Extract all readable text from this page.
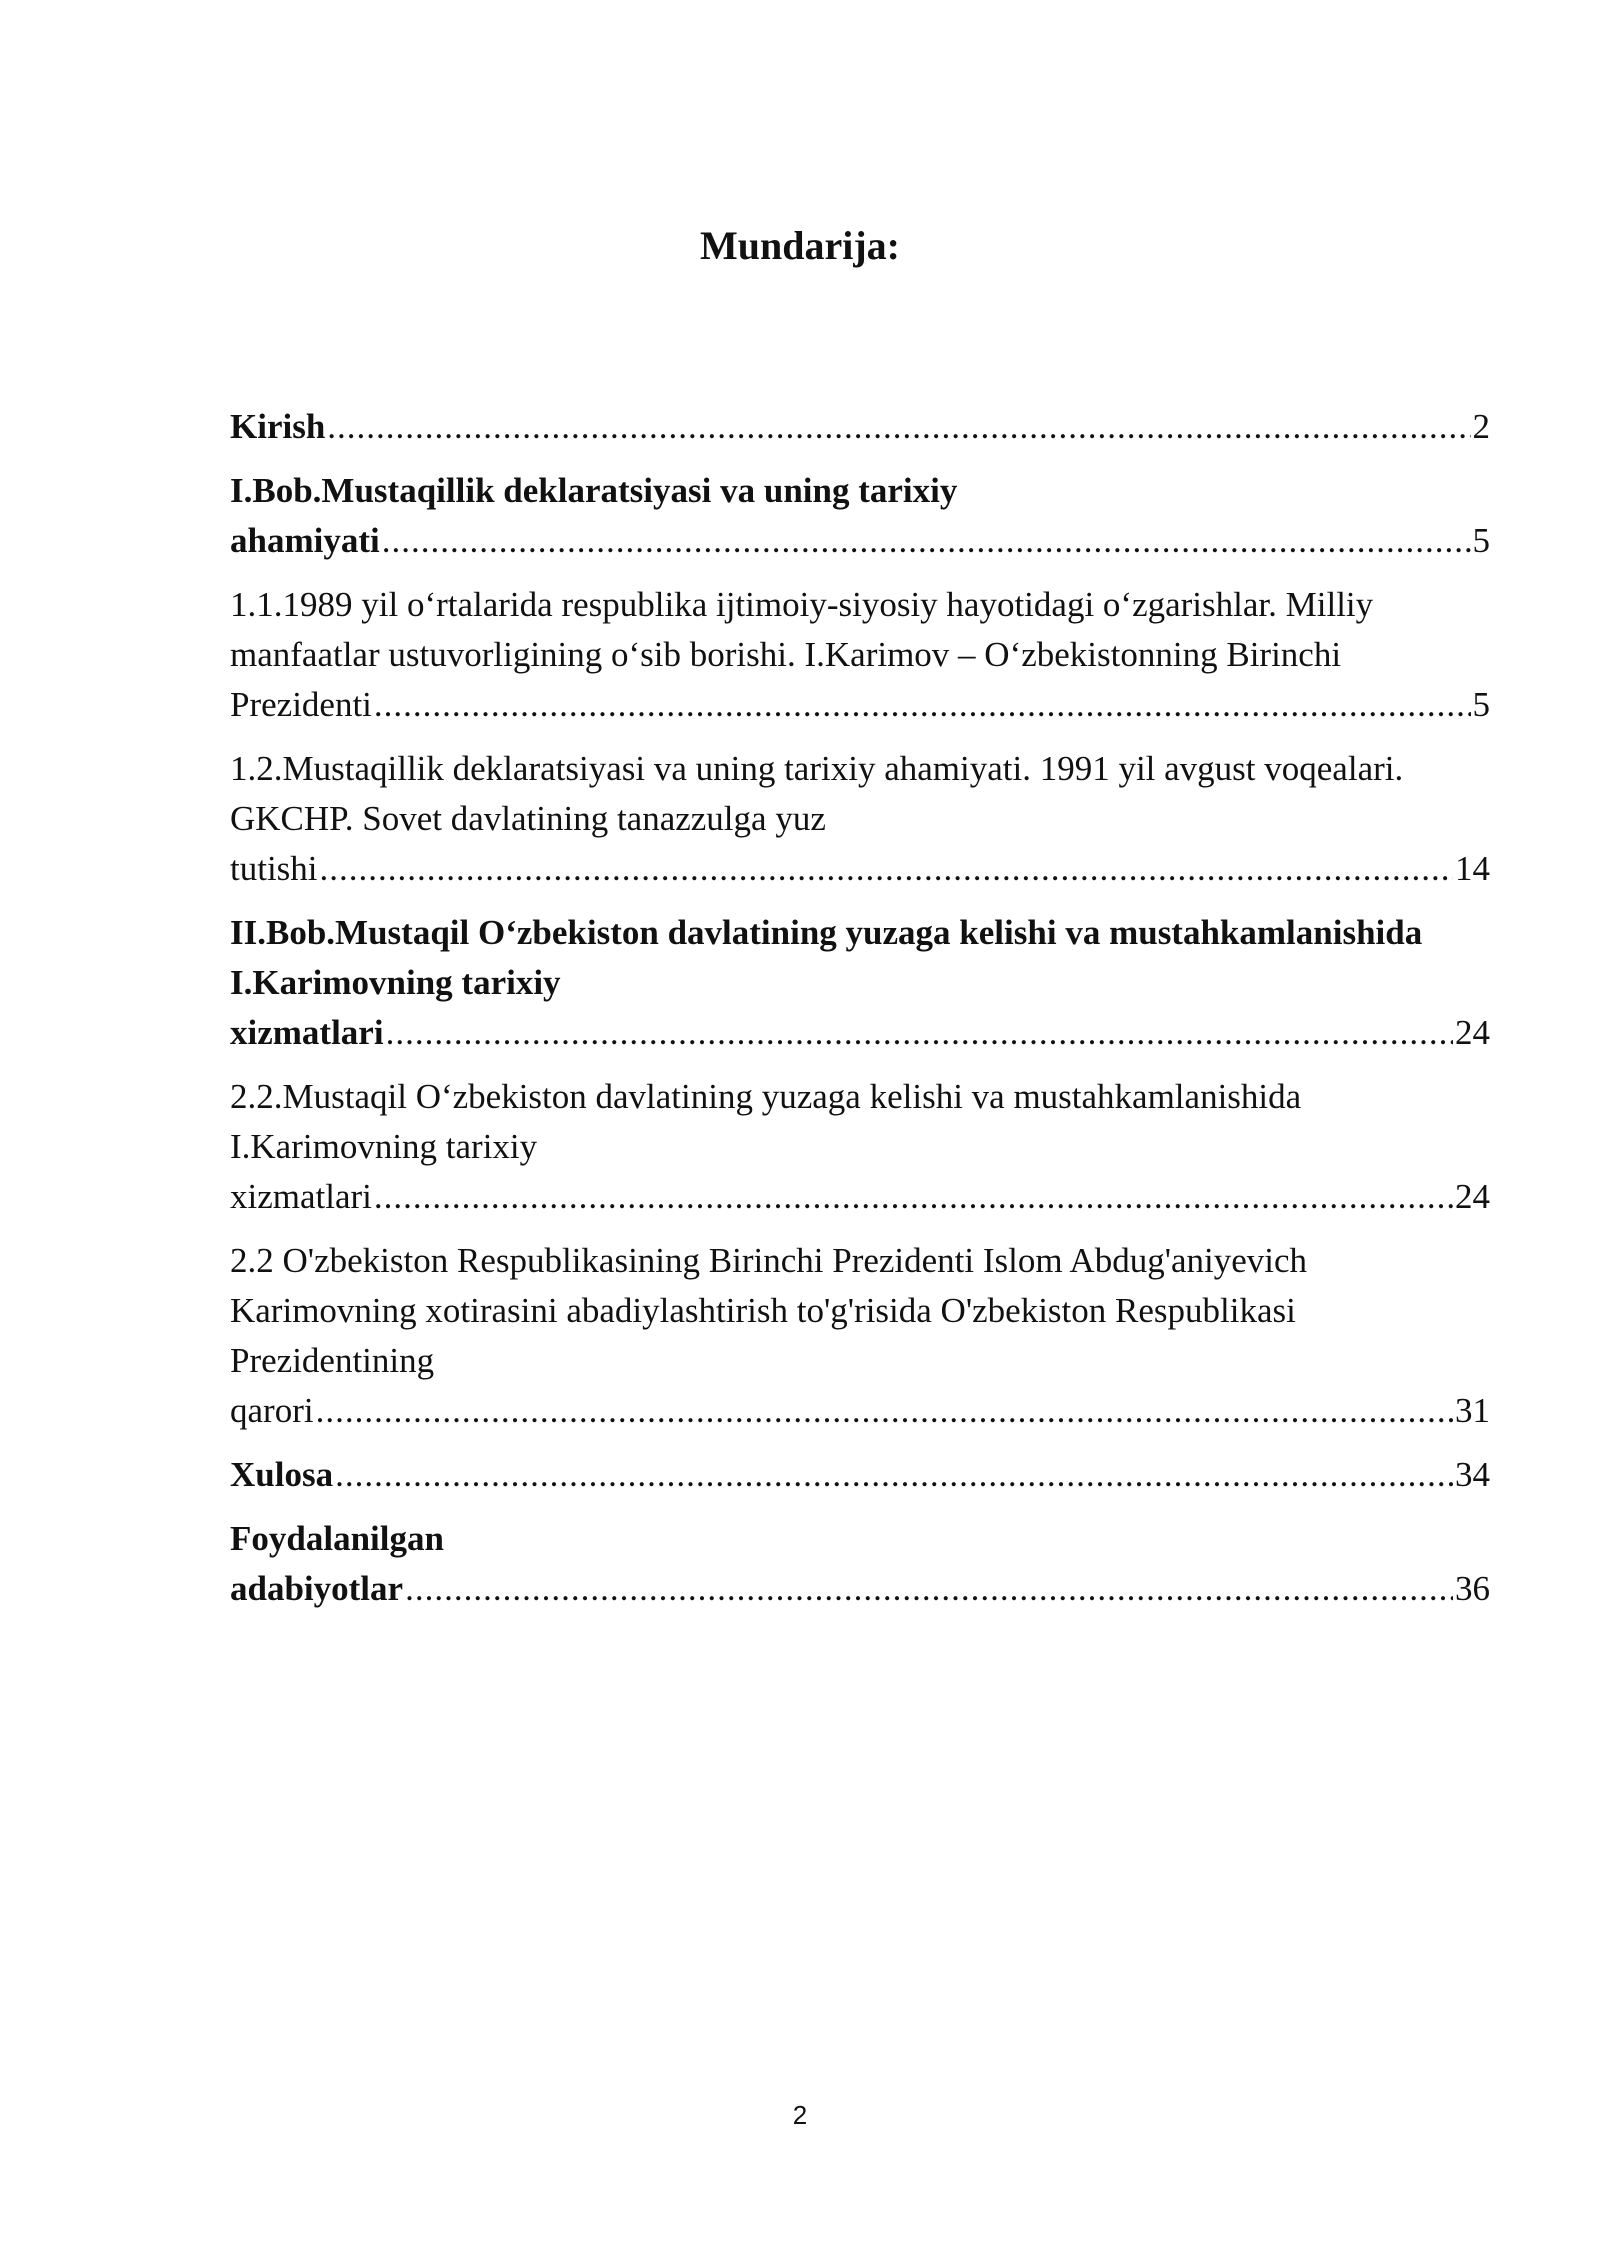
Mundarija:
Kirish .....	2
I.Bob.Mustaqillik deklaratsiyasi va uning tarixiy ahamiyati .....	5
1.1.1989 yil o‘rtalarida respublika ijtimoiy-siyosiy hayotidagi o‘zgarishlar. Milliy manfaatlar ustuvorligining o‘sib borishi. I.Karimov – O‘zbekistonning Birinchi Prezidenti .....	5
1.2.Mustaqillik deklaratsiyasi va uning tarixiy ahamiyati. 1991 yil avgust voqealari. GKCHP. Sovet davlatining tanazzulga yuz tutishi .....	14
II.Bob.Mustaqil O‘zbekiston davlatining yuzaga kelishi va mustahkamlanishida I.Karimovning tarixiy xizmatlari .....	24
2.2.Mustaqil O‘zbekiston davlatining yuzaga kelishi va mustahkamlanishida I.Karimovning tarixiy xizmatlari .....	24
2.2 O'zbekiston Respublikasining Birinchi Prezidenti Islom Abdug'aniyevich Karimovning xotirasini abadiylashtirish to'g'risida O'zbekiston Respublikasi Prezidentining qarori .....	31
Xulosa .....	34
Foydalanilgan adabiyotlar .....	36
2
